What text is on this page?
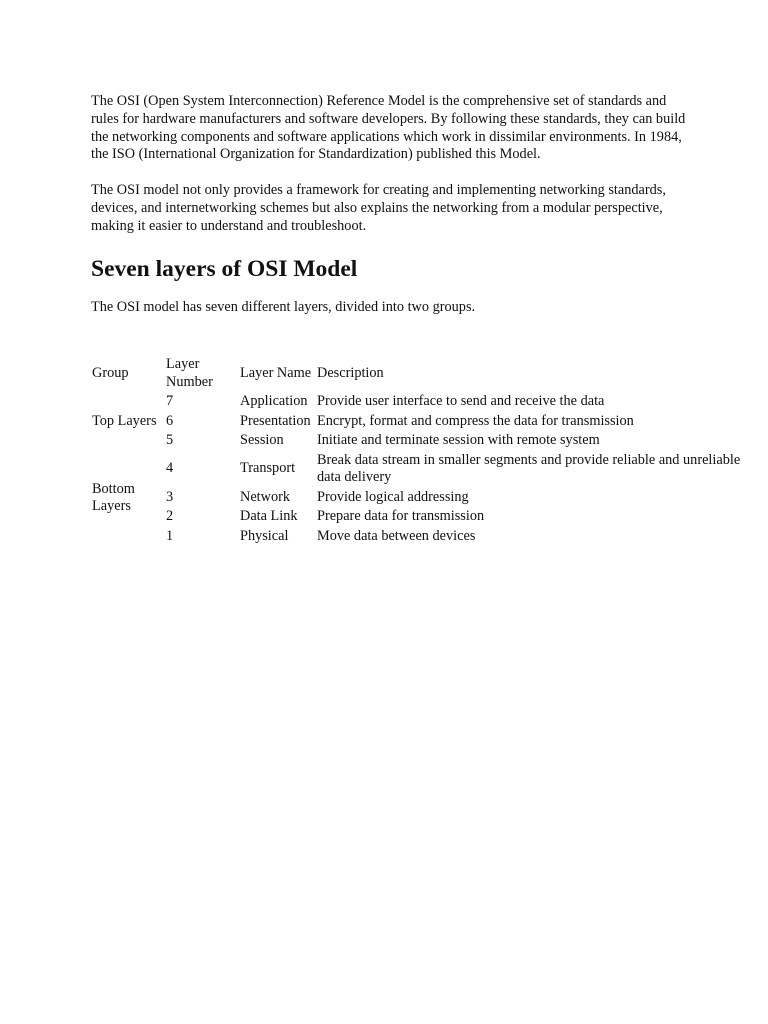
The OSI (Open System Interconnection) Reference Model is the comprehensive set of standards and rules for hardware manufacturers and software developers. By following these standards, they can build the networking components and software applications which work in dissimilar environments. In 1984, the ISO (International Organization for Standardization) published this Model.

The OSI model not only provides a framework for creating and implementing networking standards, devices, and internetworking schemes but also explains the networking from a modular perspective, making it easier to understand and troubleshoot.

Seven layers of OSI Model

The OSI model has seven different layers, divided into two groups.

Group	Layer Number	Layer Name	Description
Top Layers	7	Application	Provide user interface to send and receive the data
	6	Presentation	Encrypt, format and compress the data for transmission
	5	Session	Initiate and terminate session with remote system
Bottom Layers	4	Transport	Break data stream in smaller segments and provide reliable and unreliable data delivery
	3	Network	Provide logical addressing
	2	Data Link	Prepare data for transmission
	1	Physical	Move data between devices
